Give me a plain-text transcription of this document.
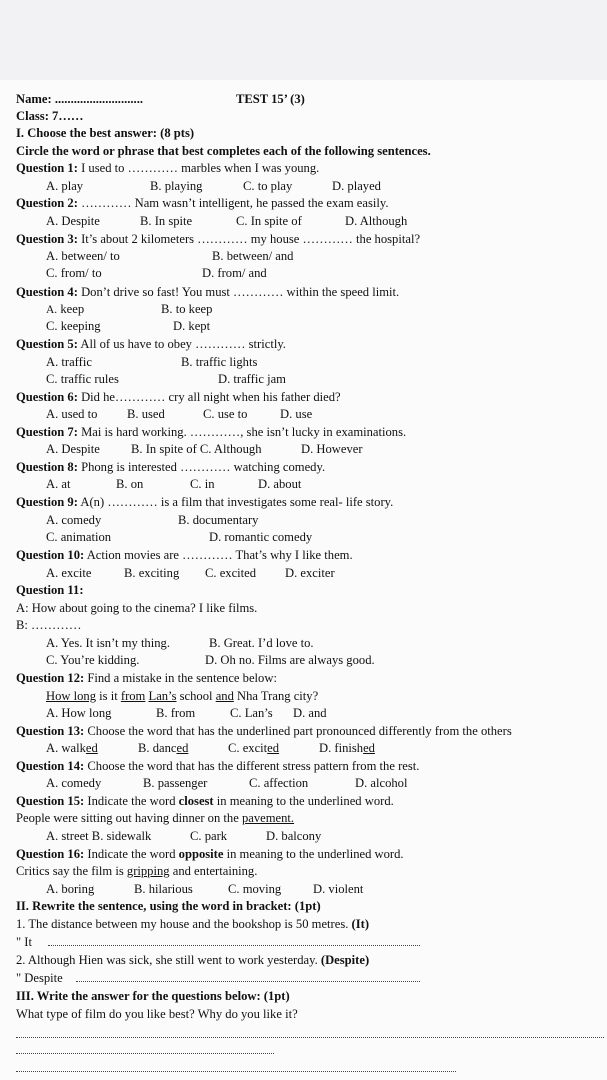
Name: ............................	TEST 15’ (3)
Class: 7……
I. Choose the best answer: (8 pts)
Circle the word or phrase that best completes each of the following sentences.
Question 1: I used to ………… marbles when I was young.
A. play	B. playing	C. to play	D. played
Question 2: ………… Nam wasn’t intelligent, he passed the exam easily.
A. Despite	B. In spite	C. In spite of	D. Although
Question 3: It’s about 2 kilometers ………… my house ………… the hospital?
A. between/ to	B. between/ and
C. from/ to	D. from/ and
Question 4: Don’t drive so fast! You must ………… within the speed limit.
A. keep	B. to keep
C. keeping	D. kept
Question 5: All of us have to obey ………… strictly.
A. traffic	B. traffic lights
C. traffic rules	D. traffic jam
Question 6: Did he………… cry all night when his father died?
A. used to B. used	C. use to	D. use
Question 7: Mai is hard working. …………, she isn’t lucky in examinations.
A. Despite B. In spite of C. Although	D. However
Question 8: Phong is interested ………… watching comedy.
A. at	B. on	C. in	D. about
Question 9: A(n) ………… is a film that investigates some real- life story.
A. comedy	B. documentary
C. animation	D. romantic comedy
Question 10: Action movies are ………… That’s why I like them.
A. excite	B. exciting C. excited D. exciter
Question 11:
A: How about going to the cinema? I like films.
B: …………
A. Yes. It isn’t my thing.	B. Great. I’d love to.
C. You’re kidding.	D. Oh no. Films are always good.
Question 12: Find a mistake in the sentence below:
How long is it from Lan’s school and Nha Trang city?
A. How long	B. from	C. Lan’s D. and
Question 13: Choose the word that has the underlined part pronounced differently from the others
A. walked	B. danced	C. excited	D. finished
Question 14: Choose the word that has the different stress pattern from the rest.
A. comedy	B. passenger	C. affection	D. alcohol
Question 15: Indicate the word closest in meaning to the underlined word.
People were sitting out having dinner on the pavement.
A. street B. sidewalk	C. park	D. balcony
Question 16: Indicate the word opposite in meaning to the underlined word.
Critics say the film is gripping and entertaining.
A. boring	B. hilarious	C. moving	D. violent
II. Rewrite the sentence, using the word in bracket: (1pt)
1. The distance between my house and the bookshop is 50 metres. (It)
" It
2. Although Hien was sick, she still went to work yesterday. (Despite)
" Despite
III. Write the answer for the questions below: (1pt)
What type of film do you like best? Why do you like it?
